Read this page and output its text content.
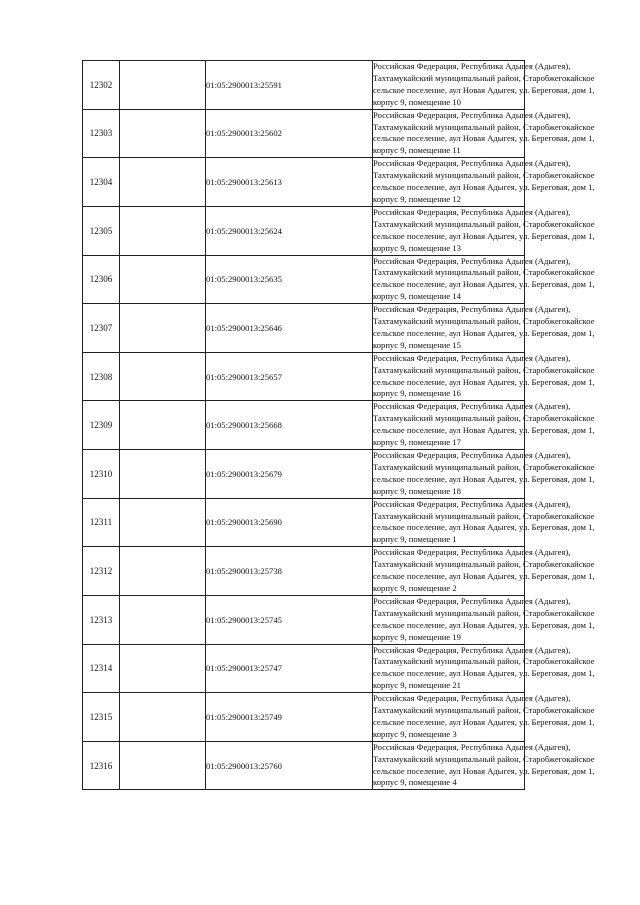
12302		01:05:2900013:25591	Российская Федерация, Республика Адыгея (Адыгея),
Тахтамукайский муниципальный район, Старобжегокайское
сельское поселение, аул Новая Адыгея, ул. Береговая, дом 1,
корпус 9, помещение 10

12303		01:05:2900013:25602	Российская Федерация, Республика Адыгея (Адыгея),
Тахтамукайский муниципальный район, Старобжегокайское
сельское поселение, аул Новая Адыгея, ул. Береговая, дом 1,
корпус 9, помещение 11

12304		01:05:2900013:25613	Российская Федерация, Республика Адыгея (Адыгея),
Тахтамукайский муниципальный район, Старобжегокайское
сельское поселение, аул Новая Адыгея, ул. Береговая, дом 1,
корпус 9, помещение 12

12305		01:05:2900013:25624	Российская Федерация, Республика Адыгея (Адыгея),
Тахтамукайский муниципальный район, Старобжегокайское
сельское поселение, аул Новая Адыгея, ул. Береговая, дом 1,
корпус 9, помещение 13

12306		01:05:2900013:25635	Российская Федерация, Республика Адыгея (Адыгея),
Тахтамукайский муниципальный район, Старобжегокайское
сельское поселение, аул Новая Адыгея, ул. Береговая, дом 1,
корпус 9, помещение 14

12307		01:05:2900013:25646	Российская Федерация, Республика Адыгея (Адыгея),
Тахтамукайский муниципальный район, Старобжегокайское
сельское поселение, аул Новая Адыгея, ул. Береговая, дом 1,
корпус 9, помещение 15

12308		01:05:2900013:25657	Российская Федерация, Республика Адыгея (Адыгея),
Тахтамукайский муниципальный район, Старобжегокайское
сельское поселение, аул Новая Адыгея, ул. Береговая, дом 1,
корпус 9, помещение 16

12309		01:05:2900013:25668	Российская Федерация, Республика Адыгея (Адыгея),
Тахтамукайский муниципальный район, Старобжегокайское
сельское поселение, аул Новая Адыгея, ул. Береговая, дом 1,
корпус 9, помещение 17

12310		01:05:2900013:25679	Российская Федерация, Республика Адыгея (Адыгея),
Тахтамукайский муниципальный район, Старобжегокайское
сельское поселение, аул Новая Адыгея, ул. Береговая, дом 1,
корпус 9, помещение 18

12311		01:05:2900013:25690	Российская Федерация, Республика Адыгея (Адыгея),
Тахтамукайский муниципальный район, Старобжегокайское
сельское поселение, аул Новая Адыгея, ул. Береговая, дом 1,
корпус 9, помещение 1

12312		01:05:2900013:25738	Российская Федерация, Республика Адыгея (Адыгея),
Тахтамукайский муниципальный район, Старобжегокайское
сельское поселение, аул Новая Адыгея, ул. Береговая, дом 1,
корпус 9, помещение 2

12313		01:05:2900013:25745	Российская Федерация, Республика Адыгея (Адыгея),
Тахтамукайский муниципальный район, Старобжегокайское
сельское поселение, аул Новая Адыгея, ул. Береговая, дом 1,
корпус 9, помещение 19

12314		01:05:2900013:25747	Российская Федерация, Республика Адыгея (Адыгея),
Тахтамукайский муниципальный район, Старобжегокайское
сельское поселение, аул Новая Адыгея, ул. Береговая, дом 1,
корпус 9, помещение 21

12315		01:05:2900013:25749	Российская Федерация, Республика Адыгея (Адыгея),
Тахтамукайский муниципальный район, Старобжегокайское
сельское поселение, аул Новая Адыгея, ул. Береговая, дом 1,
корпус 9, помещение 3

12316		01:05:2900013:25760	Российская Федерация, Республика Адыгея (Адыгея),
Тахтамукайский муниципальный район, Старобжегокайское
сельское поселение, аул Новая Адыгея, ул. Береговая, дом 1,
корпус 9, помещение 4
